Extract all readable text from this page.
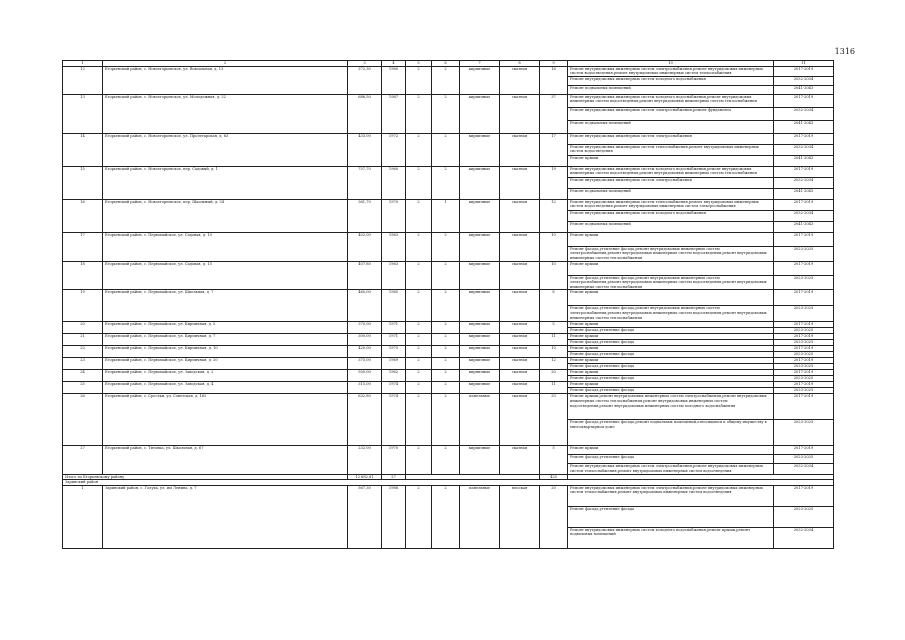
1316
1	2	3	4	5	6	7	8	9	10	11
12	Егорьевский район, с. Новоегорьевское, ул. Вокзальная, д. 13	372,30	1960	2	2	кирпичные	скатная	16	Ремонт внутридомовых инженерных систем электроснабжения,ремонт внутридомовых инженерных систем водоотведения,ремонт внутридомовых инженерных систем теплоснабжения	2017-2019
									Ремонт внутридомовых инженерных систем холодного водоснабжения	2032-2034
									Ремонт подвальных помещений	2041-2043
13	Егорьевский район, с. Новоегорьевское, ул. Молодежная, д. 22	686,50	1987	2	2	кирпичные	скатная	37	Ремонт внутридомовых инженерных систем холодного водоснабжения,ремонт внутридомовых инженерных систем водоотведения,ремонт внутридомовых инженерных систем теплоснабжения	2017-2019
									Ремонт внутридомовых инженерных систем электроснабжения,ремонт фундамента	2032-2034
									Ремонт подвальных помещений	2041-2043
14	Егорьевский район, с. Новоегорьевское, ул. Пролетарская, д. 63	433,00	1972	2	2	кирпичные	скатная	17	Ремонт внутридомовых инженерных систем электроснабжения	2017-2019
									Ремонт внутридомовых инженерных систем теплоснабжения,ремонт внутридомовых инженерных систем водоотведения	2032-2034
									Ремонт крыши	2041-2043
15	Егорьевский район, с. Новоегорьевское, пер. Садовый, д. 1	757,70	1960	2	2	кирпичные	скатная	19	Ремонт внутридомовых инженерных систем холодного водоснабжения,ремонт внутридомовых инженерных систем водоотведения,ремонт внутридомовых инженерных систем теплоснабжения	2017-2019
									Ремонт внутридомовых инженерных систем электроснабжения	2032-2034
									Ремонт подвальных помещений	2041-2043
16	Егорьевский район, с. Новоегорьевское, пер. Школьный, д. 34	361,70	1970	2	1	кирпичные	скатная	12	Ремонт внутридомовых инженерных систем теплоснабжения,ремонт внутридомовых инженерных систем водоотведения,ремонт внутридомовых инженерных систем электроснабжения	2017-2019
									Ремонт внутридомовых инженерных систем холодного водоснабжения	2032-2034
									Ремонт подвальных помещений	2041-2043
17	Егорьевский район, с. Первомайское, ул. Садовая, д. 10	402,00	1963	2	2	кирпичные	скатная	10	Ремонт крыши	2017-2019
									Ремонт фасада,утепление фасада,ремонт внутридомовых инженерных систем электроснабжения,ремонт внутридомовых инженерных систем водоотведения,ремонт внутридомовых инженерных систем теплоснабжения	2023-2025
18	Егорьевский район, с. Первомайское, ул. Садовая, д. 15	407,80	1963	2	2	кирпичные	скатная	10	Ремонт крыши	2017-2019
									Ремонт фасада,утепление фасада,ремонт внутридомовых инженерных систем электроснабжения,ремонт внутридомовых инженерных систем водоотведения,ремонт внутридомовых инженерных систем теплоснабжения	2023-2025
19	Егорьевский район, с. Первомайское, ул. Школьная, д. 7	460,00	1965	2	2	кирпичные	скатная	8	Ремонт крыши	2017-2019
									Ремонт фасада,утепление фасада,ремонт внутридомовых инженерных систем электроснабжения,ремонт внутридомовых инженерных систем водоотведения,ремонт внутридомовых инженерных систем теплоснабжения	2023-2025
20	Егорьевский район, с. Первомайское, ул. Кирпичная, д. 5	370,00	1971	2	2	кирпичные	скатная	5	Ремонт крыши	2017-2019
									Ремонт фасада,утепление фасада	2023-2025
21	Егорьевский район, с. Первомайское, ул. Кирпичная, д. 7	300,00	1971	2	2	кирпичные	скатная	11	Ремонт крыши	2017-2019
									Ремонт фасада,утепление фасада	2023-2025
22	Егорьевский район, с. Первомайское, ул. Кирпичная, д. 10	420,00	1975	2	2	кирпичные	скатная	10	Ремонт крыши	2017-2019
									Ремонт фасада,утепление фасада	2023-2025
23	Егорьевский район, с. Первомайское, ул. Кирпичная, д. 20	375,00	1969	2	2	кирпичные	скатная	12	Ремонт крыши	2017-2019
									Ремонт фасада,утепление фасада	2023-2025
24	Егорьевский район, с. Первомайское, ул. Заводская, д. 2	500,00	1962	2	2	кирпичные	скатная	20	Ремонт крыши	2017-2019
									Ремонт фасада,утепление фасада	2023-2025
25	Егорьевский район, с. Первомайское, ул. Заводская, д. 4	315,00	1974	2	2	кирпичные	скатная	11	Ремонт крыши	2017-2019
									Ремонт фасада,утепление фасада	2023-2025
26	Егорьевский район, с. Сростки, ул. Советская, д. 162	632,80	1974	2	2	панельные	скатная	33	Ремонт крыши,ремонт внутридомовых инженерных систем электроснабжения,ремонт внутридомовых инженерных систем теплоснабжения,ремонт внутридомовых инженерных систем водоотведения,ремонт внутридомовых инженерных систем холодного водоснабжения	2017-2019
									Ремонт фасада,утепление фасада,ремонт подвальных помещений,относящихся к общему имуществу в многоквартирном доме	2023-2025
27	Егорьевский район, с. Титовка, ул. Школьная, д. 67	232,00	1970	2	2	кирпичные	скатная	5	Ремонт крыши	2017-2019
									Ремонт фасада,утепление фасада	2023-2025
									Ремонт внутридомовых инженерных систем электроснабжения,ремонт внутридомовых инженерных систем теплоснабжения,ремонт внутридомовых инженерных систем водоотведения	2032-2034
Итого по Егорьевскому району		12 682,81	27					425		
Заринский район										
1	Заринский район, с. Голуха, ул. им Ленина, д. 7	567,30	1988	2	2	панельные	плоская	20	Ремонт внутридомовых инженерных систем электроснабжения,ремонт внутридомовых инженерных систем теплоснабжения,ремонт внутридомовых инженерных систем водоотведения	2017-2019
									Ремонт фасада,утепление фасада	2023-2025
									Ремонт внутридомовых инженерных систем холодного водоснабжения,ремонт крыши,ремонт подвальных помещений	2032-2034
